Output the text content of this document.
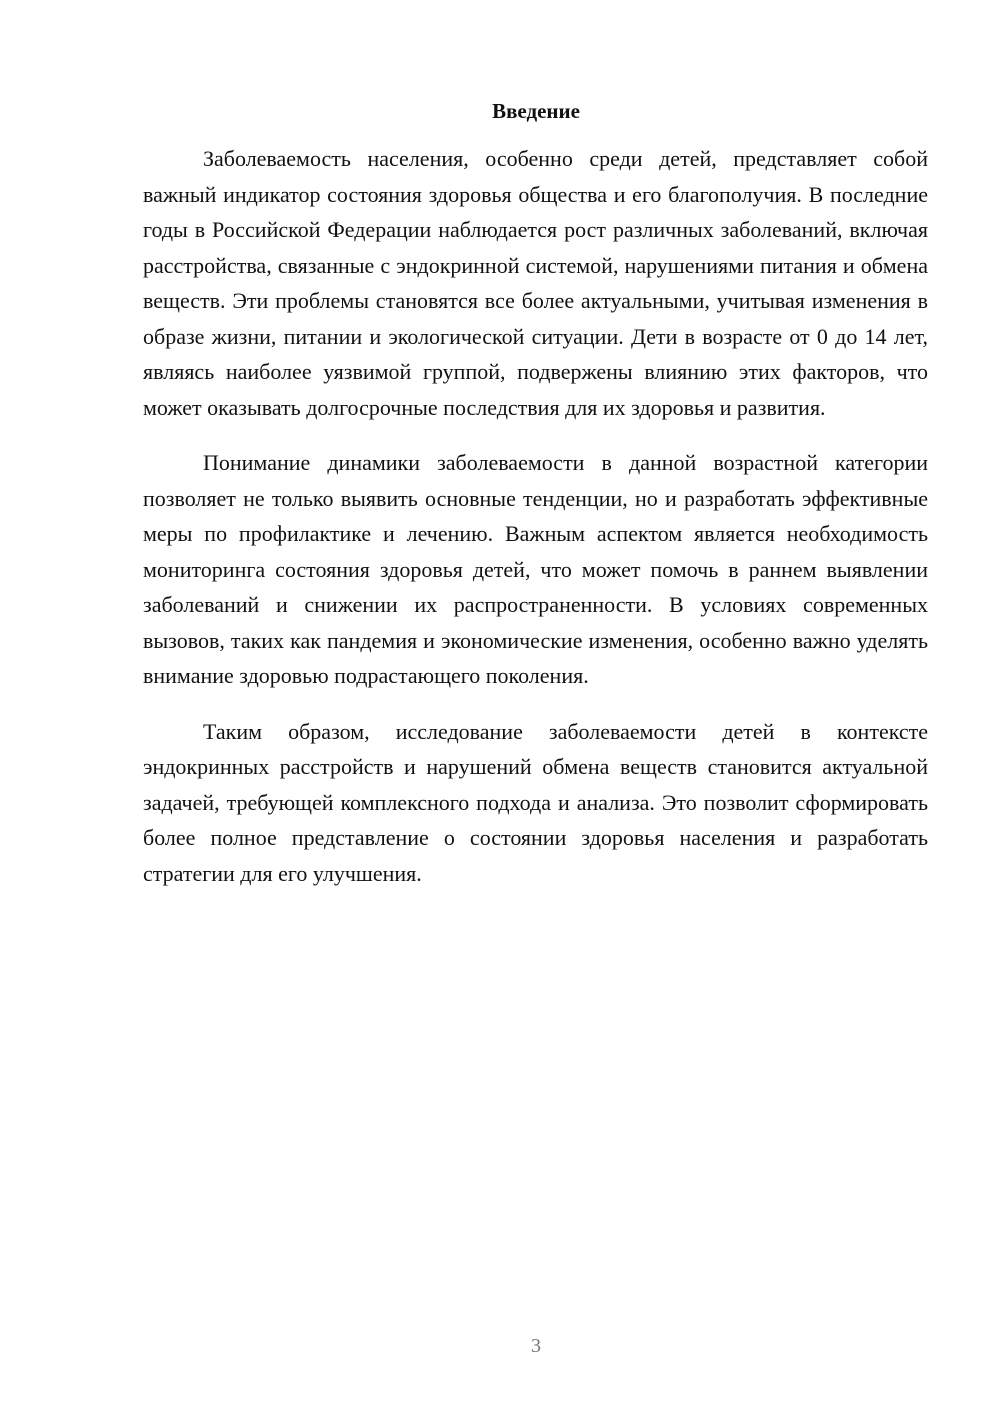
Введение

Заболеваемость населения, особенно среди детей, представляет собой важный индикатор состояния здоровья общества и его благополучия. В последние годы в Российской Федерации наблюдается рост различных заболеваний, включая расстройства, связанные с эндокринной системой, нарушениями питания и обмена веществ. Эти проблемы становятся все более актуальными, учитывая изменения в образе жизни, питании и экологической ситуации. Дети в возрасте от 0 до 14 лет, являясь наиболее уязвимой группой, подвержены влиянию этих факторов, что может оказывать долгосрочные последствия для их здоровья и развития.

Понимание динамики заболеваемости в данной возрастной категории позволяет не только выявить основные тенденции, но и разработать эффективные меры по профилактике и лечению. Важным аспектом является необходимость мониторинга состояния здоровья детей, что может помочь в раннем выявлении заболеваний и снижении их распространенности. В условиях современных вызовов, таких как пандемия и экономические изменения, особенно важно уделять внимание здоровью подрастающего поколения.

Таким образом, исследование заболеваемости детей в контексте эндокринных расстройств и нарушений обмена веществ становится актуальной задачей, требующей комплексного подхода и анализа. Это позволит сформировать более полное представление о состоянии здоровья населения и разработать стратегии для его улучшения.

3
